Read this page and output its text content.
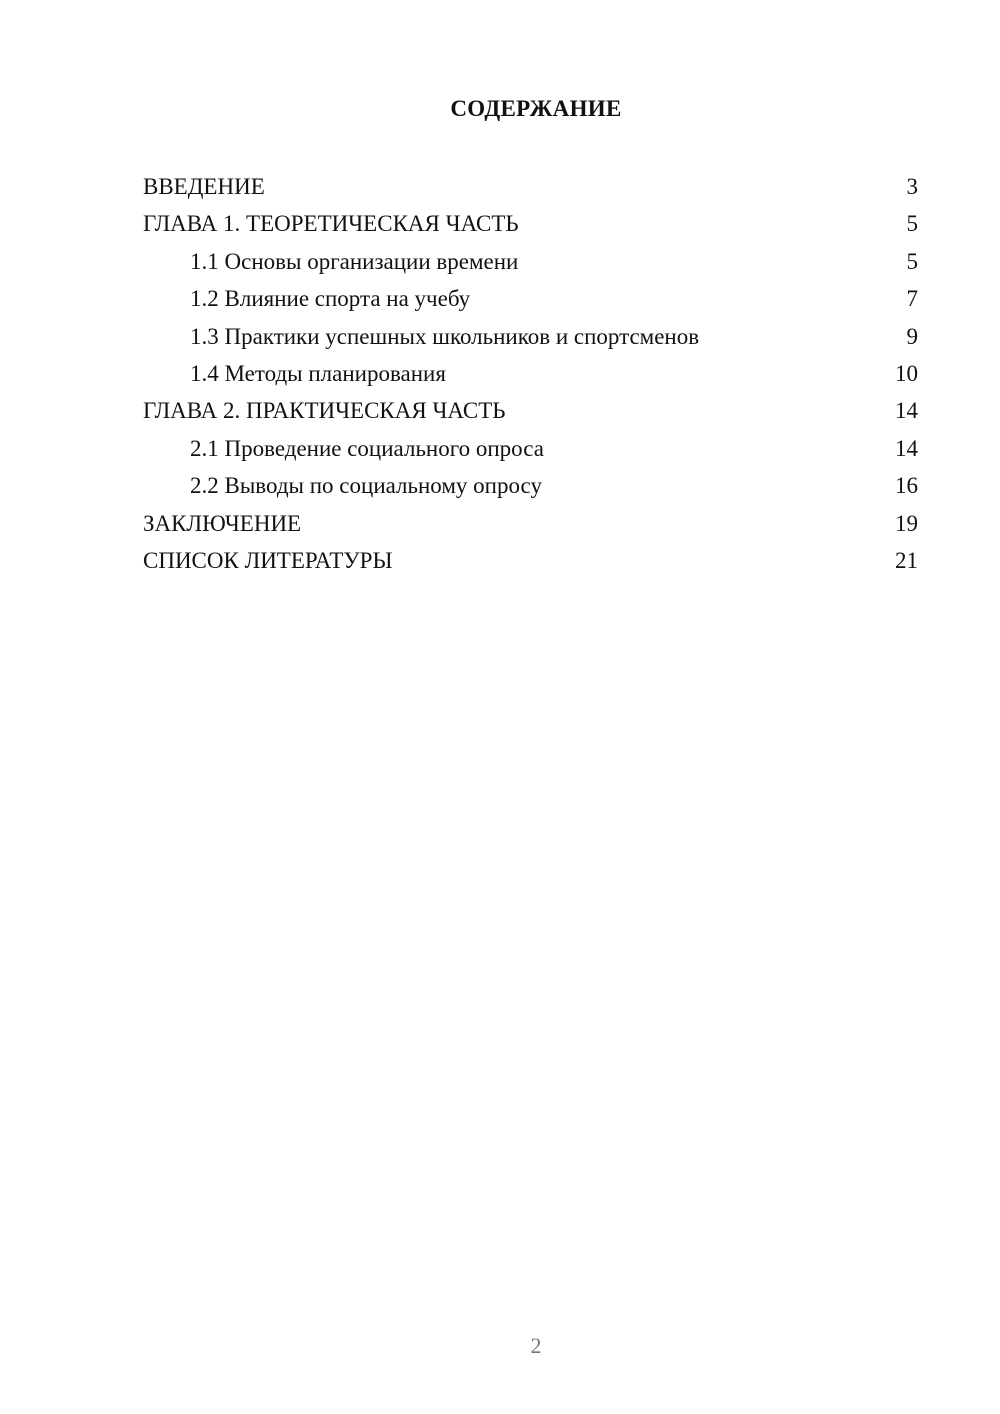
СОДЕРЖАНИЕ
ВВЕДЕНИЕ	3
ГЛАВА 1. ТЕОРЕТИЧЕСКАЯ ЧАСТЬ	5
1.1 Основы организации времени	5
1.2 Влияние спорта на учебу	7
1.3 Практики успешных школьников и спортсменов	9
1.4 Методы планирования	10
ГЛАВА 2. ПРАКТИЧЕСКАЯ ЧАСТЬ	14
2.1 Проведение социального опроса	14
2.2 Выводы по социальному опросу	16
ЗАКЛЮЧЕНИЕ	19
СПИСОК ЛИТЕРАТУРЫ	21
2
